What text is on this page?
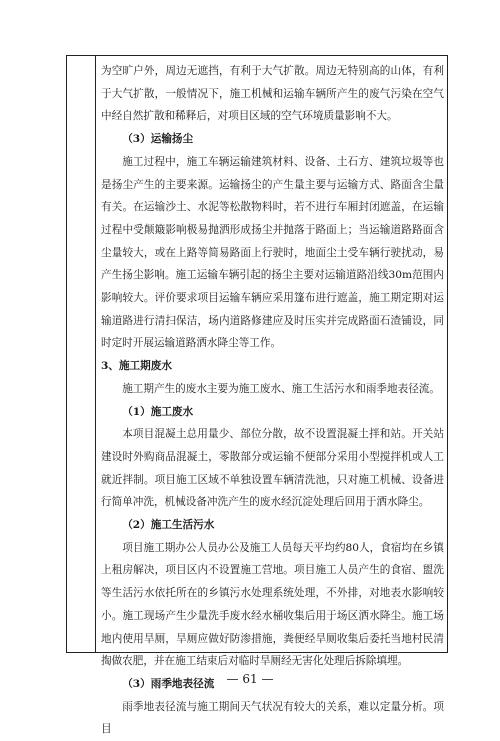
为空旷户外，周边无遮挡，有利于大气扩散。周边无特别高的山体，有利于大气扩散，一般情况下，施工机械和运输车辆所产生的废气污染在空气中经自然扩散和稀释后，对项目区域的空气环境质量影响不大。

（3）运输扬尘

施工过程中，施工车辆运输建筑材料、设备、土石方、建筑垃圾等也是扬尘产生的主要来源。运输扬尘的产生量主要与运输方式、路面含尘量有关。在运输沙土、水泥等松散物料时，若不进行车厢封闭遮盖，在运输过程中受颠簸影响极易抛洒形成扬尘并抛落于路面上；当运输道路路面含尘量较大，或在上路等简易路面上行驶时，地面尘土受车辆行驶扰动，易产生扬尘影响。施工运输车辆引起的扬尘主要对运输道路沿线30m范围内影响较大。评价要求项目运输车辆应采用篷布进行遮盖，施工期定期对运输道路进行清扫保洁，场内道路修建应及时压实并完成路面石渣铺设，同时定时开展运输道路洒水降尘等工作。

3、施工期废水

施工期产生的废水主要为施工废水、施工生活污水和雨季地表径流。

（1）施工废水

本项目混凝土总用量少、部位分散，故不设置混凝土拌和站。开关站建设时外购商品混凝土，零散部分或运输不便部分采用小型搅拌机或人工就近拌制。项目施工区域不单独设置车辆清洗池，只对施工机械、设备进行简单冲洗，机械设备冲洗产生的废水经沉淀处理后回用于洒水降尘。

（2）施工生活污水

项目施工期办公人员办公及施工人员每天平均约80人，食宿均在乡镇上租房解决，项目区内不设置施工营地。项目施工人员产生的食宿、盥洗等生活污水依托所在的乡镇污水处理系统处理，不外排，对地表水影响较小。施工现场产生少量洗手废水经水桶收集后用于场区洒水降尘。施工场地内使用旱厕，旱厕应做好防渗措施，粪便经旱厕收集后委托当地村民清掏做农肥，并在施工结束后对临时旱厕经无害化处理后拆除填埋。

（3）雨季地表径流

雨季地表径流与施工期间天气状况有较大的关系，难以定量分析。项目

— 61 —
